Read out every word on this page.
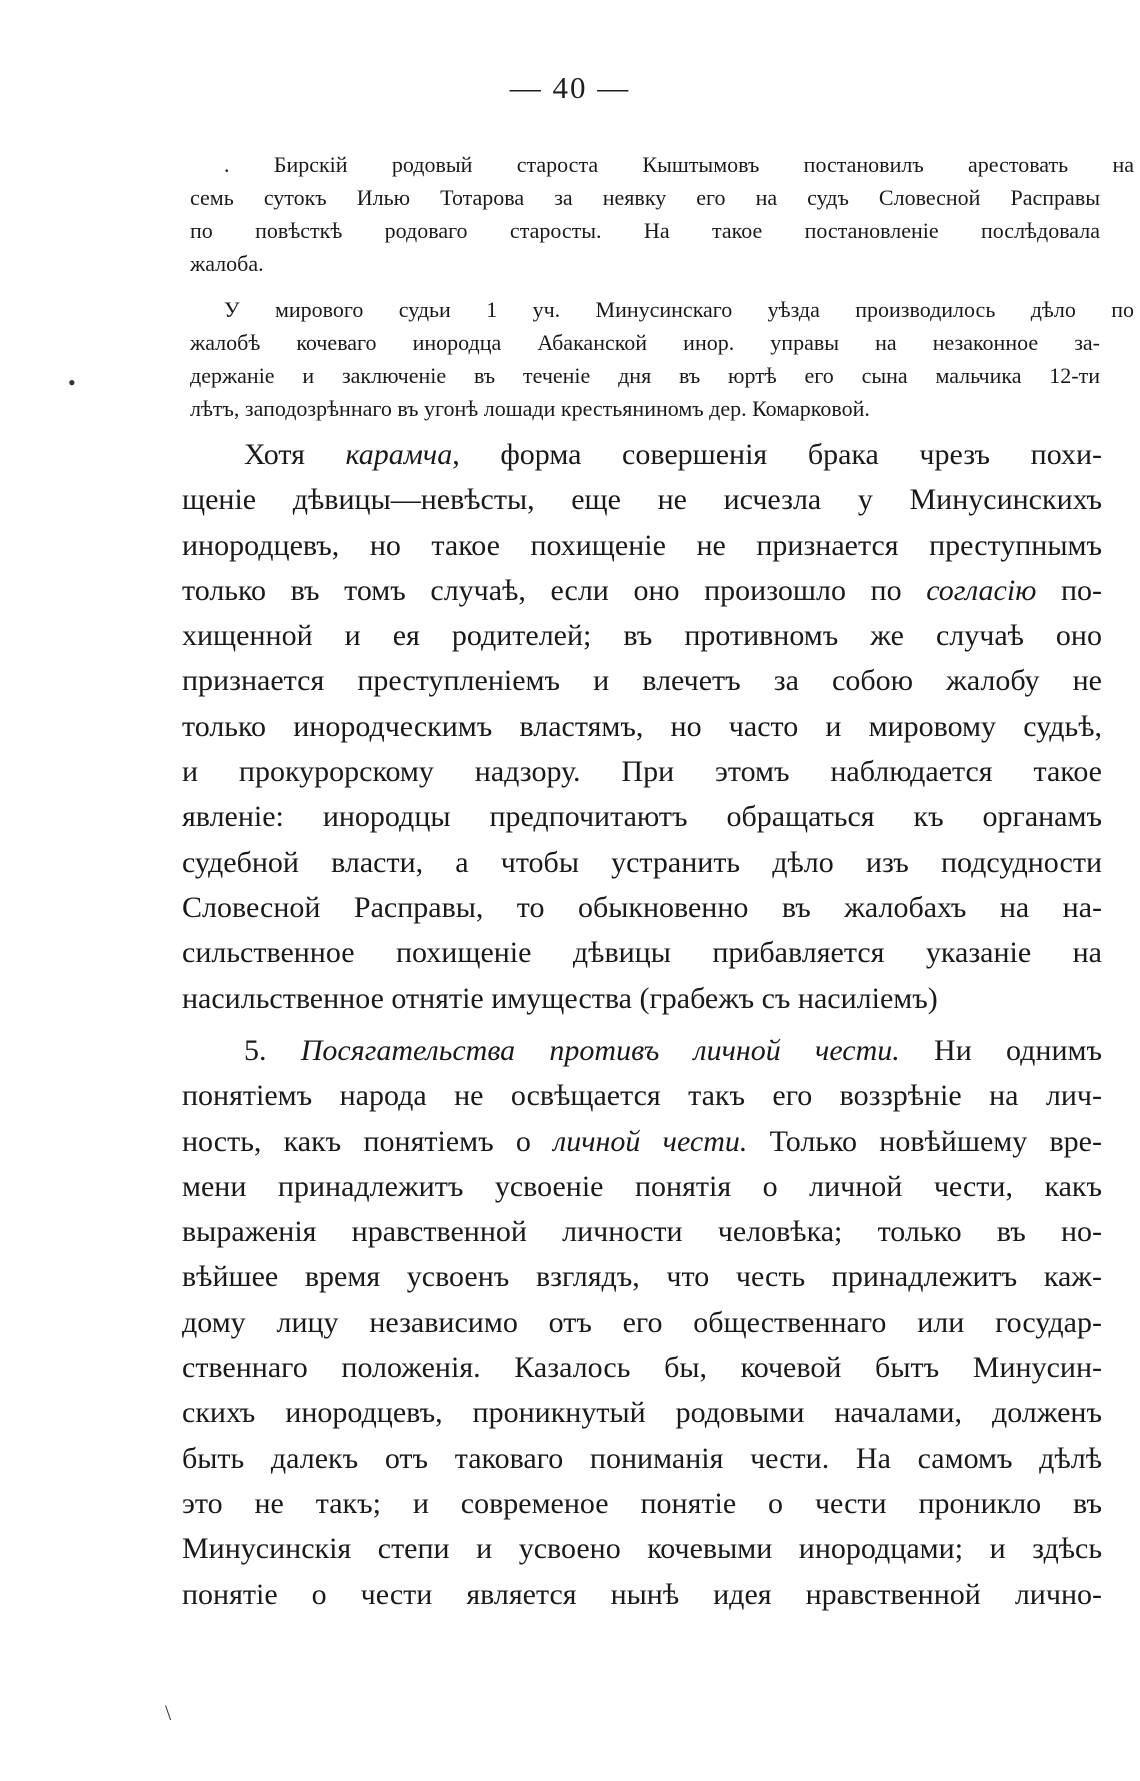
— 40 —

. Бирскій родовый староста Кыштымовъ постановилъ арестовать на

семь сутокъ Илью Тотарова за неявку его на судъ Словесной Расправы

по повѣсткѣ родоваго старосты. На такое постановленіе послѣдовала

жалоба.

У мирового судьи 1 уч. Минусинскаго уѣзда производилось дѣло по

жалобѣ кочеваго инородца Абаканской инор. управы на незаконное за-

держаніе и заключеніе въ теченіе дня въ юртѣ его сына мальчика 12-ти

лѣтъ, заподозрѣннаго въ угонѣ лошади крестьяниномъ дер. Комарковой.

Хотя карамча, форма совершенія брака чрезъ похи-
щеніе дѣвицы—невѣсты, еще не исчезла у Минусинскихъ
инородцевъ, но такое похищеніе не признается преступнымъ
только въ томъ случаѣ, если оно произошло по согласію по-
хищенной и ея родителей; въ противномъ же случаѣ оно
признается преступленіемъ и влечетъ за собою жалобу не
только инородческимъ властямъ, но часто и мировому судьѣ,
и прокурорскому надзору. При этомъ наблюдается такое
явленіе: инородцы предпочитаютъ обращаться къ органамъ
судебной власти, а чтобы устранить дѣло изъ подсудности
Словесной Расправы, то обыкновенно въ жалобахъ на на-
сильственное похищеніе дѣвицы прибавляется указаніе на
насильственное отнятіе имущества (грабежъ съ насиліемъ)
5. Посягательства противъ личной чести. Ни однимъ
понятіемъ народа не освѣщается такъ его воззрѣніе на лич-
ность, какъ понятіемъ о личной чести. Только новѣйшему вре-
мени принадлежитъ усвоеніе понятія о личной чести, какъ
выраженія нравственной личности человѣка; только въ но-
вѣйшее время усвоенъ взглядъ, что честь принадлежитъ каж-
дому лицу независимо отъ его общественнаго или государ-
ственнаго положенія. Казалось бы, кочевой бытъ Минусин-
скихъ инородцевъ, проникнутый родовыми началами, долженъ
быть далекъ отъ таковаго пониманія чести. На самомъ дѣлѣ
это не такъ; и современое понятіе о чести проникло въ
Минусинскія степи и усвоено кочевыми инородцами; и здѣсь
понятіе о чести является нынѣ идея нравственной лично-
•
\
